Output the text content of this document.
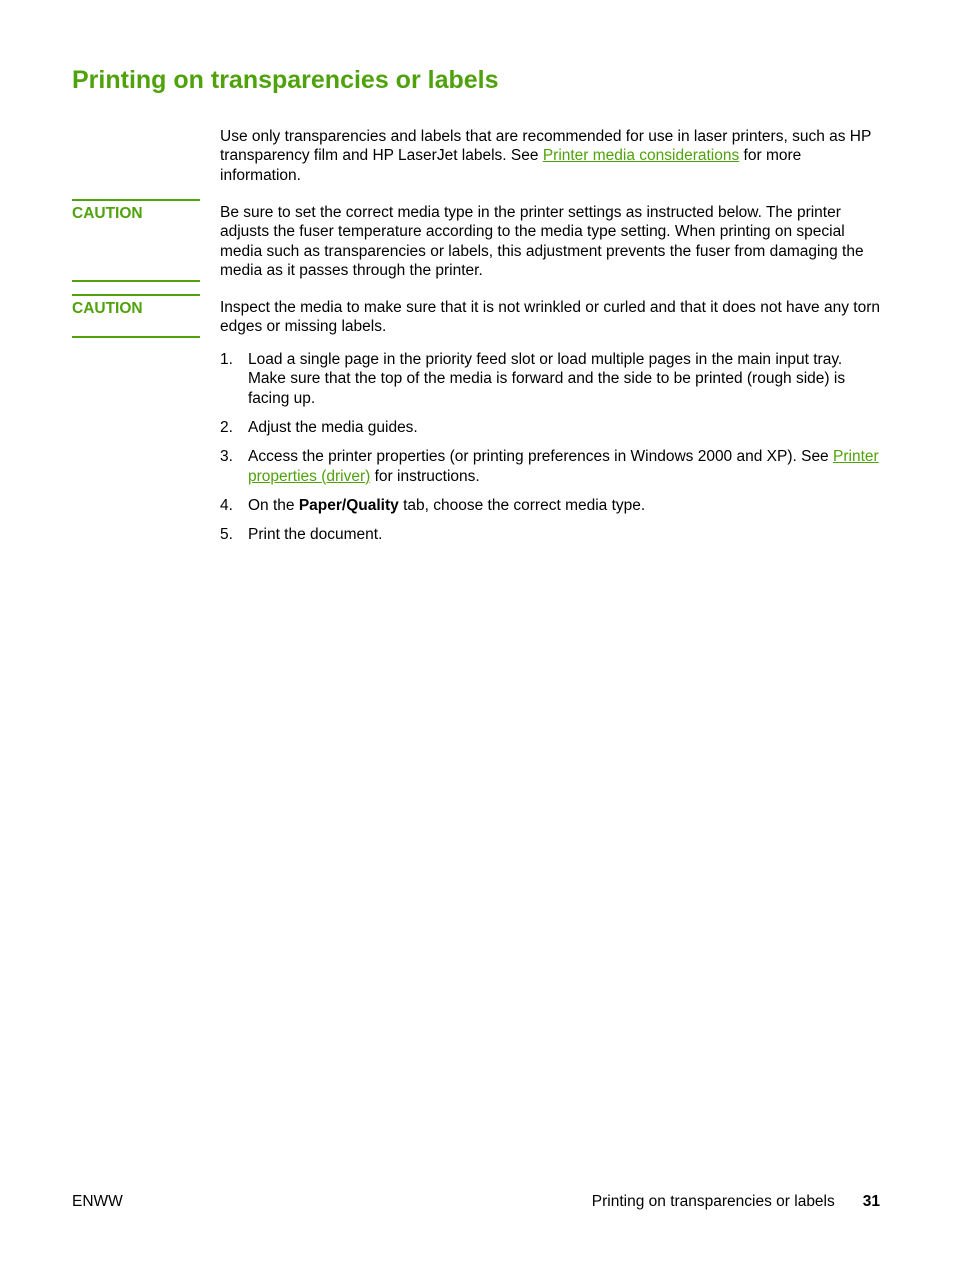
Printing on transparencies or labels

Use only transparencies and labels that are recommended for use in laser printers, such as HP transparency film and HP LaserJet labels. See Printer media considerations for more information.

CAUTION	Be sure to set the correct media type in the printer settings as instructed below. The printer adjusts the fuser temperature according to the media type setting. When printing on special media such as transparencies or labels, this adjustment prevents the fuser from damaging the media as it passes through the printer.

CAUTION	Inspect the media to make sure that it is not wrinkled or curled and that it does not have any torn edges or missing labels.

1. Load a single page in the priority feed slot or load multiple pages in the main input tray. Make sure that the top of the media is forward and the side to be printed (rough side) is facing up.
2. Adjust the media guides.
3. Access the printer properties (or printing preferences in Windows 2000 and XP). See Printer properties (driver) for instructions.
4. On the Paper/Quality tab, choose the correct media type.
5. Print the document.
ENWW	Printing on transparencies or labels 31
